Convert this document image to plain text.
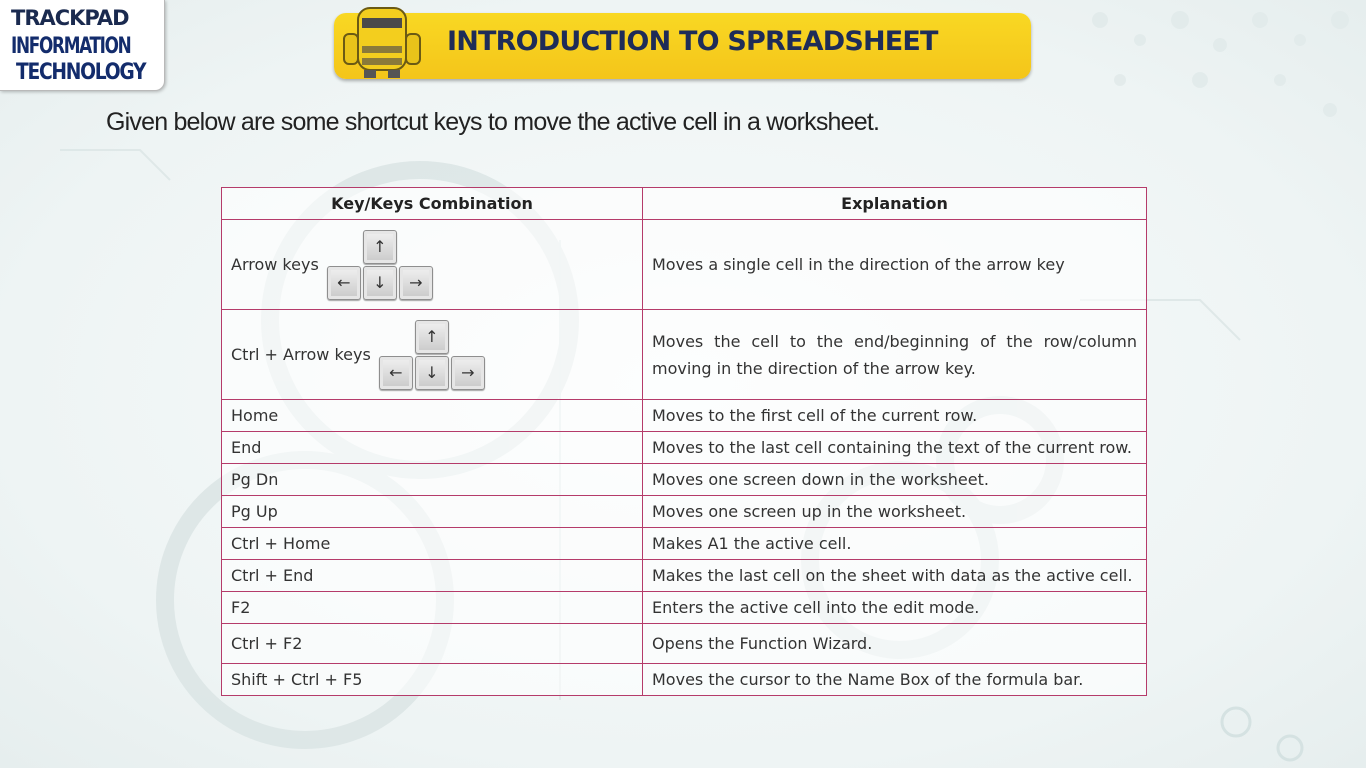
TRACKPAD
INFORMATION
TECHNOLOGY
INTRODUCTION TO SPREADSHEET
Given below are some shortcut keys to move the active cell in a worksheet.
Key/Keys Combination	Explanation

Arrow keys
↑
← ↓ →	Moves a single cell in the direction of the arrow key

Ctrl + Arrow keys
↑
← ↓ →	Moves the cell to the end/beginning of the row/column moving in the direction of the arrow key.
Home	Moves to the first cell of the current row.
End	Moves to the last cell containing the text of the current row.
Pg Dn	Moves one screen down in the worksheet.
Pg Up	Moves one screen up in the worksheet.
Ctrl + Home	Makes A1 the active cell.
Ctrl + End	Makes the last cell on the sheet with data as the active cell.
F2	Enters the active cell into the edit mode.
Ctrl + F2	Opens the Function Wizard.
Shift + Ctrl + F5	Moves the cursor to the Name Box of the formula bar.
